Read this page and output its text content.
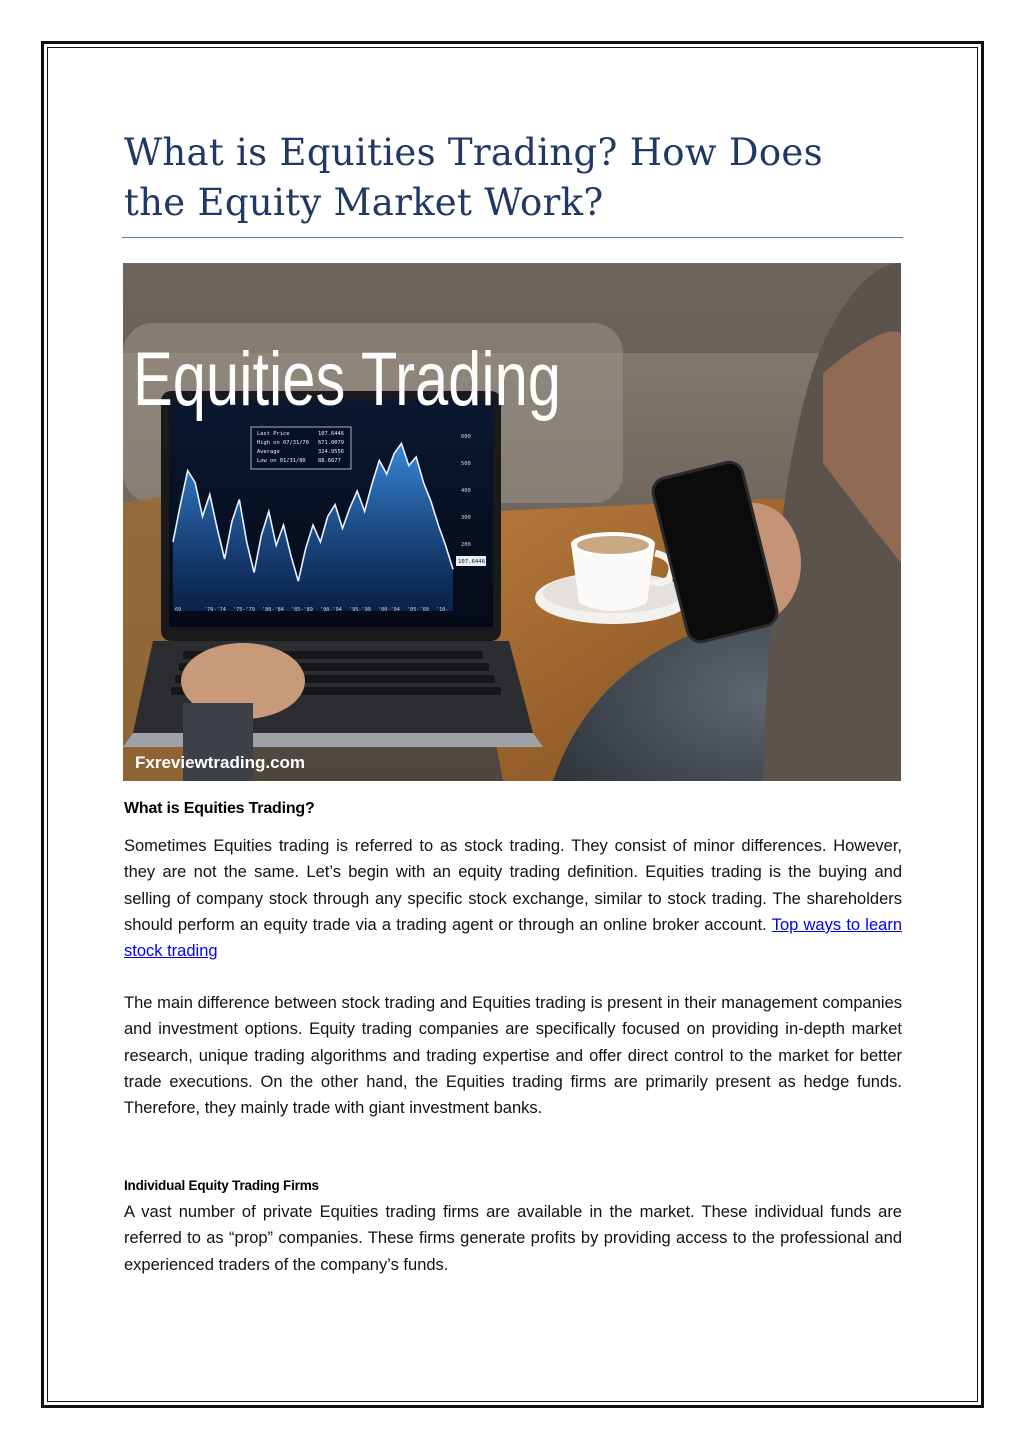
What is Equities Trading? How Does the Equity Market Work?
Last Price	107.6446
High on 07/31/70 671.0079
Average	324.9556
Low on 01/31/80 88.6677
600
500
400
300
200
69	'70-'74 '75-'79 '80-'84 '85-'89 '90-'94 '95-'99 '00-'04 '05-'09 '10-
107.6446
Equities Trading
Fxreviewtrading.com
What is Equities Trading?

Sometimes Equities trading is referred to as stock trading. They consist of minor differences. However, they are not the same. Let’s begin with an equity trading definition. Equities trading is the buying and selling of company stock through any specific stock exchange, similar to stock trading. The shareholders should perform an equity trade via a trading agent or through an online broker account. Top ways to learn stock trading

The main difference between stock trading and Equities trading is present in their management companies and investment options. Equity trading companies are specifically focused on providing in-depth market research, unique trading algorithms and trading expertise and offer direct control to the market for better trade executions. On the other hand, the Equities trading firms are primarily present as hedge funds. Therefore, they mainly trade with giant investment banks.

Individual Equity Trading Firms

A vast number of private Equities trading firms are available in the market. These individual funds are referred to as “prop” companies. These firms generate profits by providing access to the professional and experienced traders of the company’s funds.
